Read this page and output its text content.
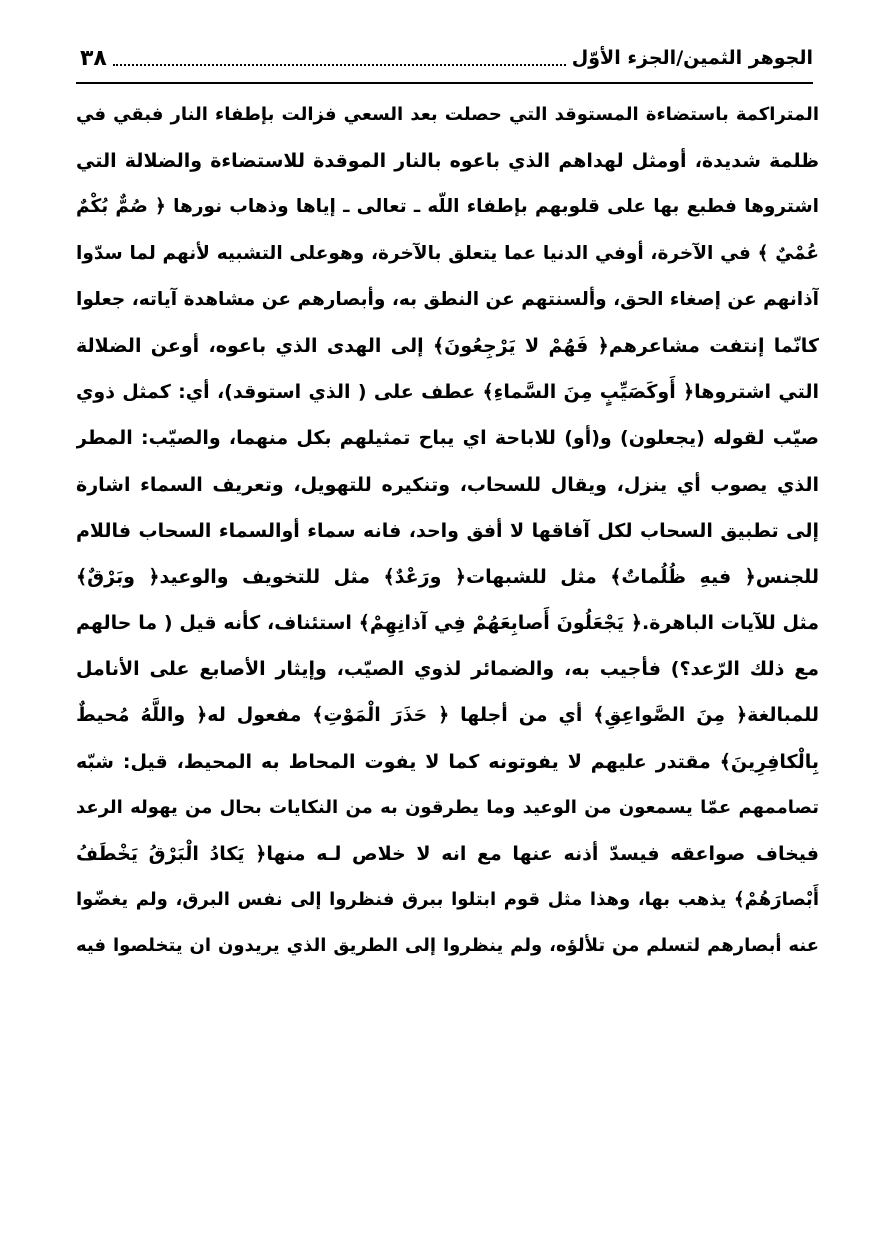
الجوهر الثمين/الجزء الأوّل
٣٨
المتراكمة باستضاءة المستوقد التي حصلت بعد السعي فزالت بإطفاء النار فبقي في
ظلمة شديدة، أومثل لهداهم الذي باعوه بالنار الموقدة للاستضاءة والضلالة التي
اشتروها فطبع بها على قلوبهم بإطفاء اللّه ـ تعالى ـ إياها وذهاب نورها ﴿ صُمٌّ بُكْمٌ
عُمْيٌ ﴾ في الآخرة، أوفي الدنيا عما يتعلق بالآخرة، وهوعلى التشبيه لأنهم لما سدّوا
آذانهم عن إصغاء الحق، وألسنتهم عن النطق به، وأبصارهم عن مشاهدة آياته، جعلوا
كانّما إنتفت مشاعرهم﴿ فَهُمْ لا يَرْجِعُونَ﴾ إلى الهدى الذي باعوه، أوعن الضلالة
التي اشتروها﴿ أَوكَصَيِّبٍ مِنَ السَّماءِ﴾ عطف على ( الذي استوقد)، أي: كمثل ذوي
صيّب لقوله (يجعلون) و(أو) للاباحة اي يباح تمثيلهم بكل منهما، والصيّب: المطر
الذي يصوب أي ينزل، ويقال للسحاب، وتنكيره للتهويل، وتعريف السماء اشارة
إلى تطبيق السحاب لكل آفاقها لا أفق واحد، فانه سماء أوالسماء السحاب فاللام
للجنس﴿ فيهِ ظُلُماتٌ﴾ مثل للشبهات﴿ ورَعْدٌ﴾ مثل للتخويف والوعيد﴿ وبَرْقٌ﴾
مثل للآيات الباهرة.﴿ يَجْعَلُونَ أَصابِعَهُمْ فِي آذانِهِمْ﴾ استئناف، كأنه قيل ( ما حالهم
مع ذلك الرّعد؟) فأجيب به، والضمائر لذوي الصيّب، وإيثار الأصابع على الأنامل
للمبالغة﴿ مِنَ الصَّواعِقِ﴾ أي من أجلها ﴿ حَذَرَ الْمَوْتِ﴾ مفعول له﴿ واللَّهُ مُحيطٌ
بِالْكافِرِينَ﴾ مقتدر عليهم لا يفوتونه كما لا يفوت المحاط به المحيط، قيل: شبّه
تصاممهم عمّا يسمعون من الوعيد وما يطرقون به من النكايات بحال من يهوله الرعد
فيخاف صواعقه فيسدّ أذنه عنها مع انه لا خلاص لـه منها﴿ يَكادُ الْبَرْقُ يَخْطَفُ
أَبْصارَهُمْ﴾ يذهب بها، وهذا مثل قوم ابتلوا ببرق فنظروا إلى نفس البرق، ولم يغضّوا
عنه أبصارهم لتسلم من تلألؤه، ولم ينظروا إلى الطريق الذي يريدون ان يتخلصوا فيه
